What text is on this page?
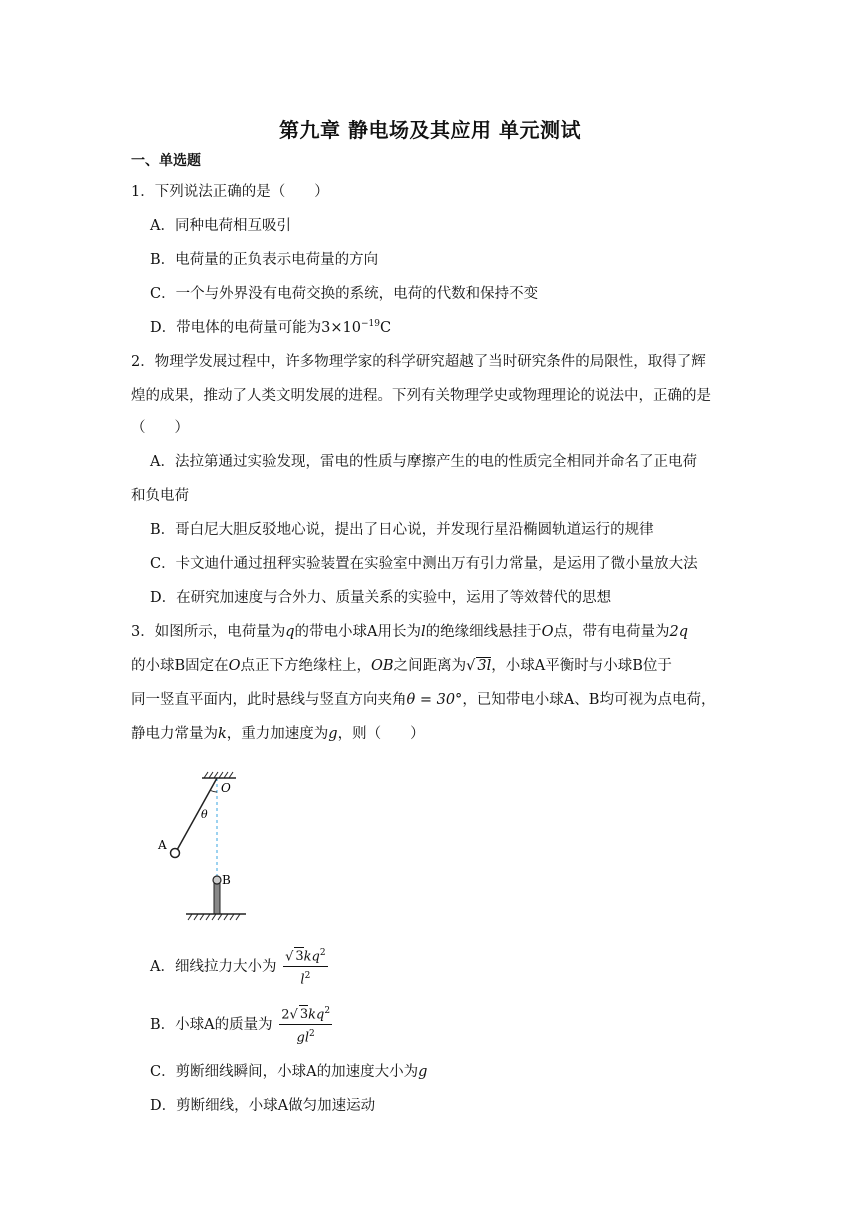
第九章 静电场及其应用 单元测试
一、单选题
1．下列说法正确的是（　　）
A．同种电荷相互吸引
B．电荷量的正负表示电荷量的方向
C．一个与外界没有电荷交换的系统，电荷的代数和保持不变
D．带电体的电荷量可能为$3\times 10^{-19}C$
2．物理学发展过程中，许多物理学家的科学研究超越了当时研究条件的局限性，取得了辉
煌的成果，推动了人类文明发展的进程。下列有关物理学史或物理理论的说法中，正确的是
（　　）
A．法拉第通过实验发现，雷电的性质与摩擦产生的电的性质完全相同并命名了正电荷
和负电荷
B．哥白尼大胆反驳地心说，提出了日心说，并发现行星沿椭圆轨道运行的规律
C．卡文迪什通过扭秤实验装置在实验室中测出万有引力常量，是运用了微小量放大法
D．在研究加速度与合外力、质量关系的实验中，运用了等效替代的思想
3．如图所示，电荷量为q的带电小球A用长为l的绝缘细线悬挂于O点，带有电荷量为2q
的小球B固定在O点正下方绝缘柱上，OB之间距离为√ 3l，小球A平衡时与小球B位于
同一竖直平面内，此时悬线与竖直方向夹角θ = 30°，已知带电小球A、B均可视为点电荷，
静电力常量为k，重力加速度为g，则（　　）
O
θ
A
B
A．细线拉力大小为 $\frac{√ 3kq^2}{l^2}$
B．小球A的质量为 $\frac{2√ 3kq^2}{gl^2}$
C．剪断细线瞬间，小球A的加速度大小为g
D．剪断细线，小球A做匀加速运动
